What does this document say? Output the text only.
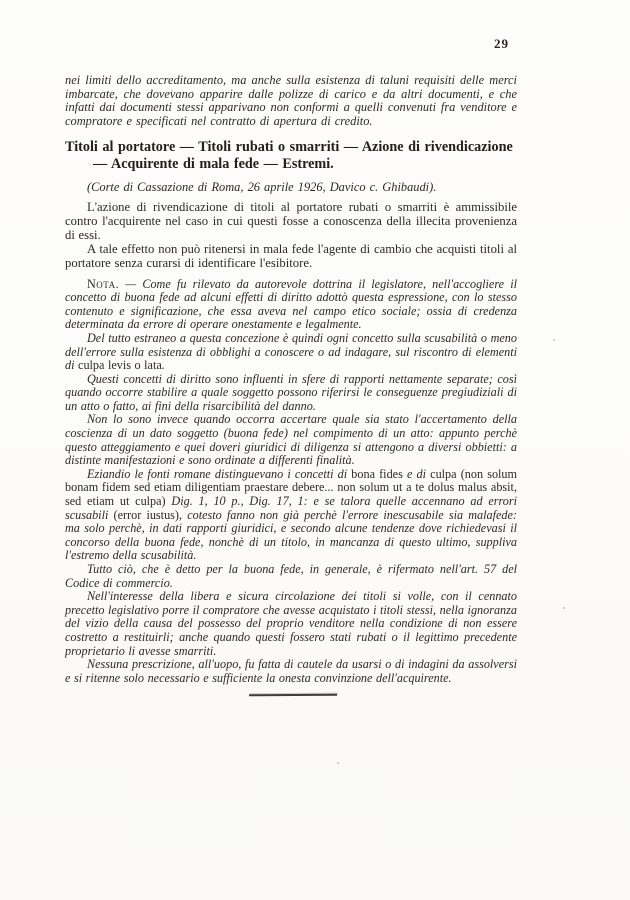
29

nei limiti dello accreditamento, ma anche sulla esistenza di taluni requisiti delle merci imbarcate, che dovevano apparire dalle polizze di carico e da altri documenti, e che infatti dai documenti stessi apparivano non conformi a quelli convenuti fra venditore e compratore e specificati nel contratto di apertura di credito.

Titoli al portatore — Titoli rubati o smarriti — Azione di rivendicazione — Acquirente di mala fede — Estremi.

(Corte di Cassazione di Roma, 26 aprile 1926, Davico c. Ghibaudi).

L'azione di rivendicazione di titoli al portatore rubati o smarriti è ammissibile contro l'acquirente nel caso in cui questi fosse a conoscenza della illecita provenienza di essi.

A tale effetto non può ritenersi in mala fede l'agente di cambio che acquisti titoli al portatore senza curarsi di identificare l'esibitore.

Nota. — Come fu rilevato da autorevole dottrina il legislatore, nell'accogliere il concetto di buona fede ad alcuni effetti di diritto adottò questa espressione, con lo stesso contenuto e significazione, che essa aveva nel campo etico sociale; ossia di credenza determinata da errore di operare onestamente e legalmente.

Del tutto estraneo a questa concezione è quindi ogni concetto sulla scusabilità o meno dell'errore sulla esistenza di obblighi a conoscere o ad indagare, sul riscontro di elementi di culpa levis o lata.

Questi concetti di diritto sono influenti in sfere di rapporti nettamente separate; così quando occorre stabilire a quale soggetto possono riferirsi le conseguenze pregiudiziali di un atto o fatto, ai fini della risarcibilità del danno.

Non lo sono invece quando occorra accertare quale sia stato l'accertamento della coscienza di un dato soggetto (buona fede) nel compimento di un atto: appunto perchè questo atteggiamento e quei doveri giuridici di diligenza si attengono a diversi obbietti: a distinte manifestazioni e sono ordinate a differenti finalità.

Eziandio le fonti romane distinguevano i concetti di bona fides e di culpa (non solum bonam fidem sed etiam diligentiam praestare debere... non solum ut a te dolus malus absit, sed etiam ut culpa) Dig. 1, 10 p., Dig. 17, 1: e se talora quelle accennano ad errori scusabili (error iustus), cotesto fanno non già perchè l'errore inescusabile sia malafede: ma solo perchè, in dati rapporti giuridici, e secondo alcune tendenze dove richiedevasi il concorso della buona fede, nonchè di un titolo, in mancanza di questo ultimo, suppliva l'estremo della scusabilità.

Tutto ciò, che è detto per la buona fede, in generale, è rifermato nell'art. 57 del Codice di commercio.

Nell'interesse della libera e sicura circolazione dei titoli si volle, con il cennato precetto legislativo porre il compratore che avesse acquistato i titoli stessi, nella ignoranza del vizio della causa del possesso del proprio venditore nella condizione di non essere costretto a restituirli; anche quando questi fossero stati rubati o il legittimo precedente proprietario li avesse smarriti.

Nessuna prescrizione, all'uopo, fu fatta di cautele da usarsi o di indagini da assolversi e si ritenne solo necessario e sufficiente la onesta convinzione dell'acquirente.
